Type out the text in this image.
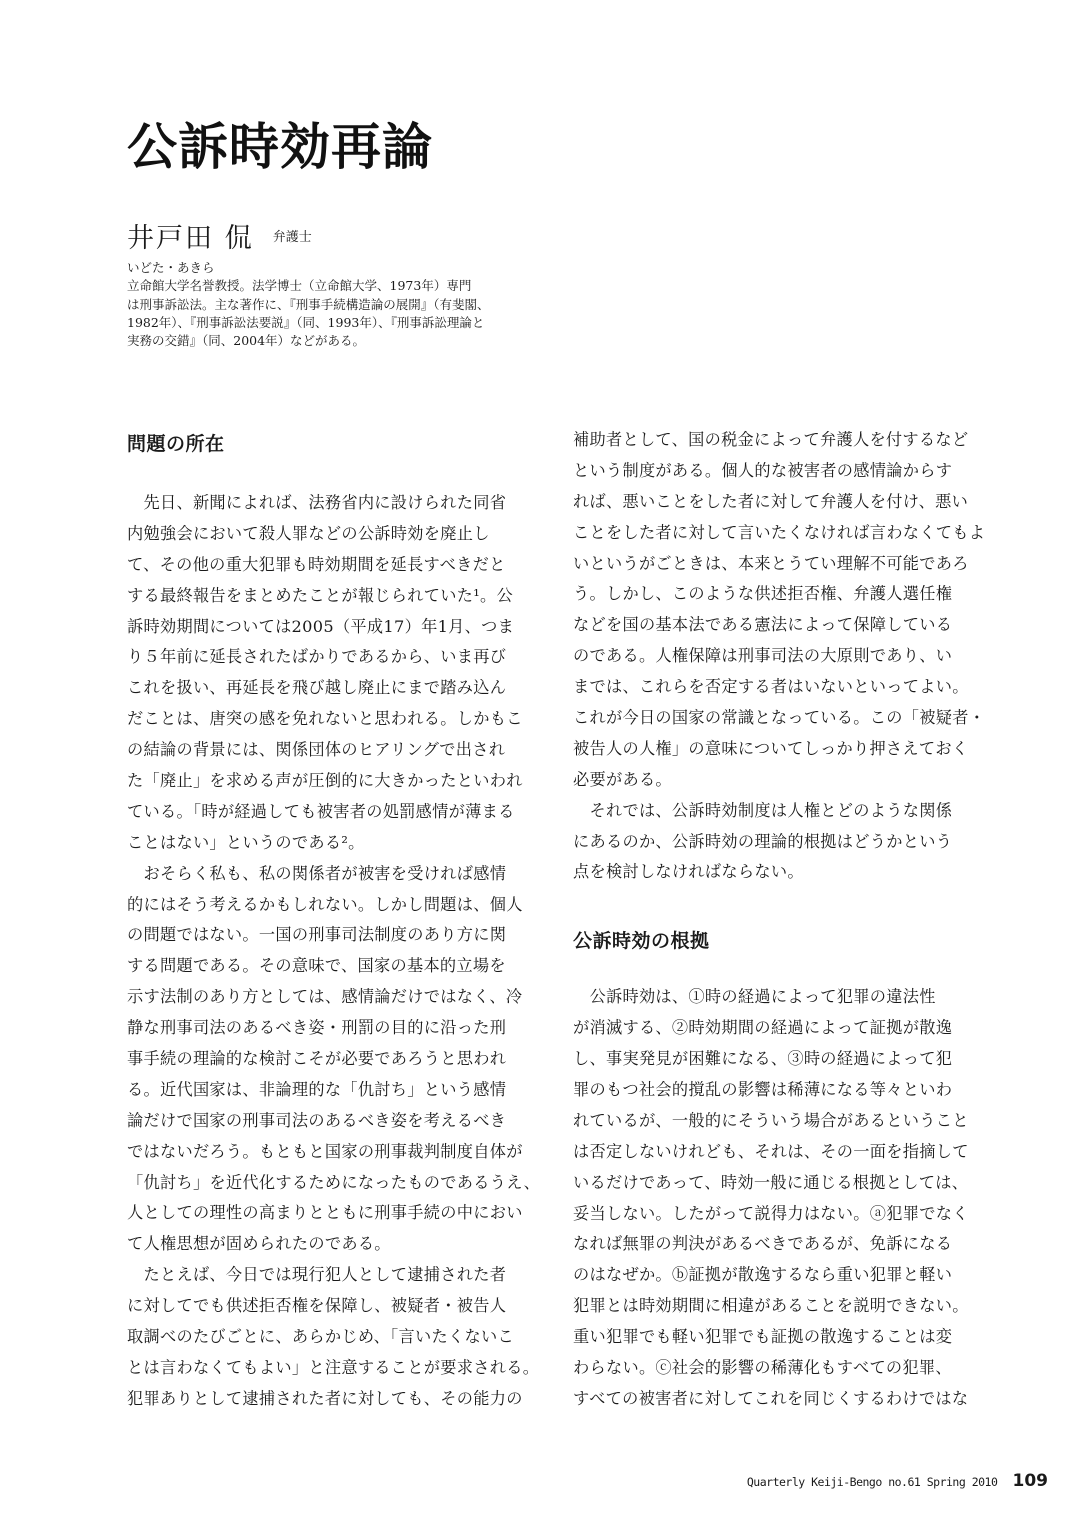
公訴時効再論
井戸田 侃 $^{弁護士}$
いどた・あきら
立命館大学名誉教授。法学博士（立命館大学、1973年）専門
は刑事訴訟法。主な著作に、『刑事手続構造論の展開』（有斐閣、
1982年）、『刑事訴訟法要説』（同、1993年）、『刑事訴訟理論と
実務の交錯』（同、2004年）などがある。
問題の所在
　先日、新聞によれば、法務省内に設けられた同省
内勉強会において殺人罪などの公訴時効を廃止し
て、その他の重大犯罪も時効期間を延長すべきだと
する最終報告をまとめたことが報じられていた¹。公
訴時効期間については2005（平成17）年1月、つま
り５年前に延長されたばかりであるから、いま再び
これを扱い、再延長を飛び越し廃止にまで踏み込ん
だことは、唐突の感を免れないと思われる。しかもこ
の結論の背景には、関係団体のヒアリングで出され
た「廃止」を求める声が圧倒的に大きかったといわれ
ている。「時が経過しても被害者の処罰感情が薄まる
ことはない」というのである²。
　おそらく私も、私の関係者が被害を受ければ感情
的にはそう考えるかもしれない。しかし問題は、個人
の問題ではない。一国の刑事司法制度のあり方に関
する問題である。その意味で、国家の基本的立場を
示す法制のあり方としては、感情論だけではなく、冷
静な刑事司法のあるべき姿・刑罰の目的に沿った刑
事手続の理論的な検討こそが必要であろうと思われ
る。近代国家は、非論理的な「仇討ち」という感情
論だけで国家の刑事司法のあるべき姿を考えるべき
ではないだろう。もともと国家の刑事裁判制度自体が
「仇討ち」を近代化するためになったものであるうえ、
人としての理性の高まりとともに刑事手続の中におい
て人権思想が固められたのである。
　たとえば、今日では現行犯人として逮捕された者
に対してでも供述拒否権を保障し、被疑者・被告人
取調べのたびごとに、あらかじめ、「言いたくないこ
とは言わなくてもよい」と注意することが要求される。
犯罪ありとして逮捕された者に対しても、その能力の
補助者として、国の税金によって弁護人を付するなど
という制度がある。個人的な被害者の感情論からす
れば、悪いことをした者に対して弁護人を付け、悪い
ことをした者に対して言いたくなければ言わなくてもよ
いというがごときは、本来とうてい理解不可能であろ
う。しかし、このような供述拒否権、弁護人選任権
などを国の基本法である憲法によって保障している
のである。人権保障は刑事司法の大原則であり、い
までは、これらを否定する者はいないといってよい。
これが今日の国家の常識となっている。この「被疑者・
被告人の人権」の意味についてしっかり押さえておく
必要がある。
　それでは、公訴時効制度は人権とどのような関係
にあるのか、公訴時効の理論的根拠はどうかという
点を検討しなければならない。
公訴時効の根拠
　公訴時効は、①時の経過によって犯罪の違法性
が消滅する、②時効期間の経過によって証拠が散逸
し、事実発見が困難になる、③時の経過によって犯
罪のもつ社会的撹乱の影響は稀薄になる等々といわ
れているが、一般的にそういう場合があるということ
は否定しないけれども、それは、その一面を指摘して
いるだけであって、時効一般に通じる根拠としては、
妥当しない。したがって説得力はない。ⓐ犯罪でなく
なれば無罪の判決があるべきであるが、免訴になる
のはなぜか。ⓑ証拠が散逸するなら重い犯罪と軽い
犯罪とは時効期間に相違があることを説明できない。
重い犯罪でも軽い犯罪でも証拠の散逸することは変
わらない。ⓒ社会的影響の稀薄化もすべての犯罪、
すべての被害者に対してこれを同じくするわけではな
Quarterly Keiji-Bengo no.61 Spring 2010 109
